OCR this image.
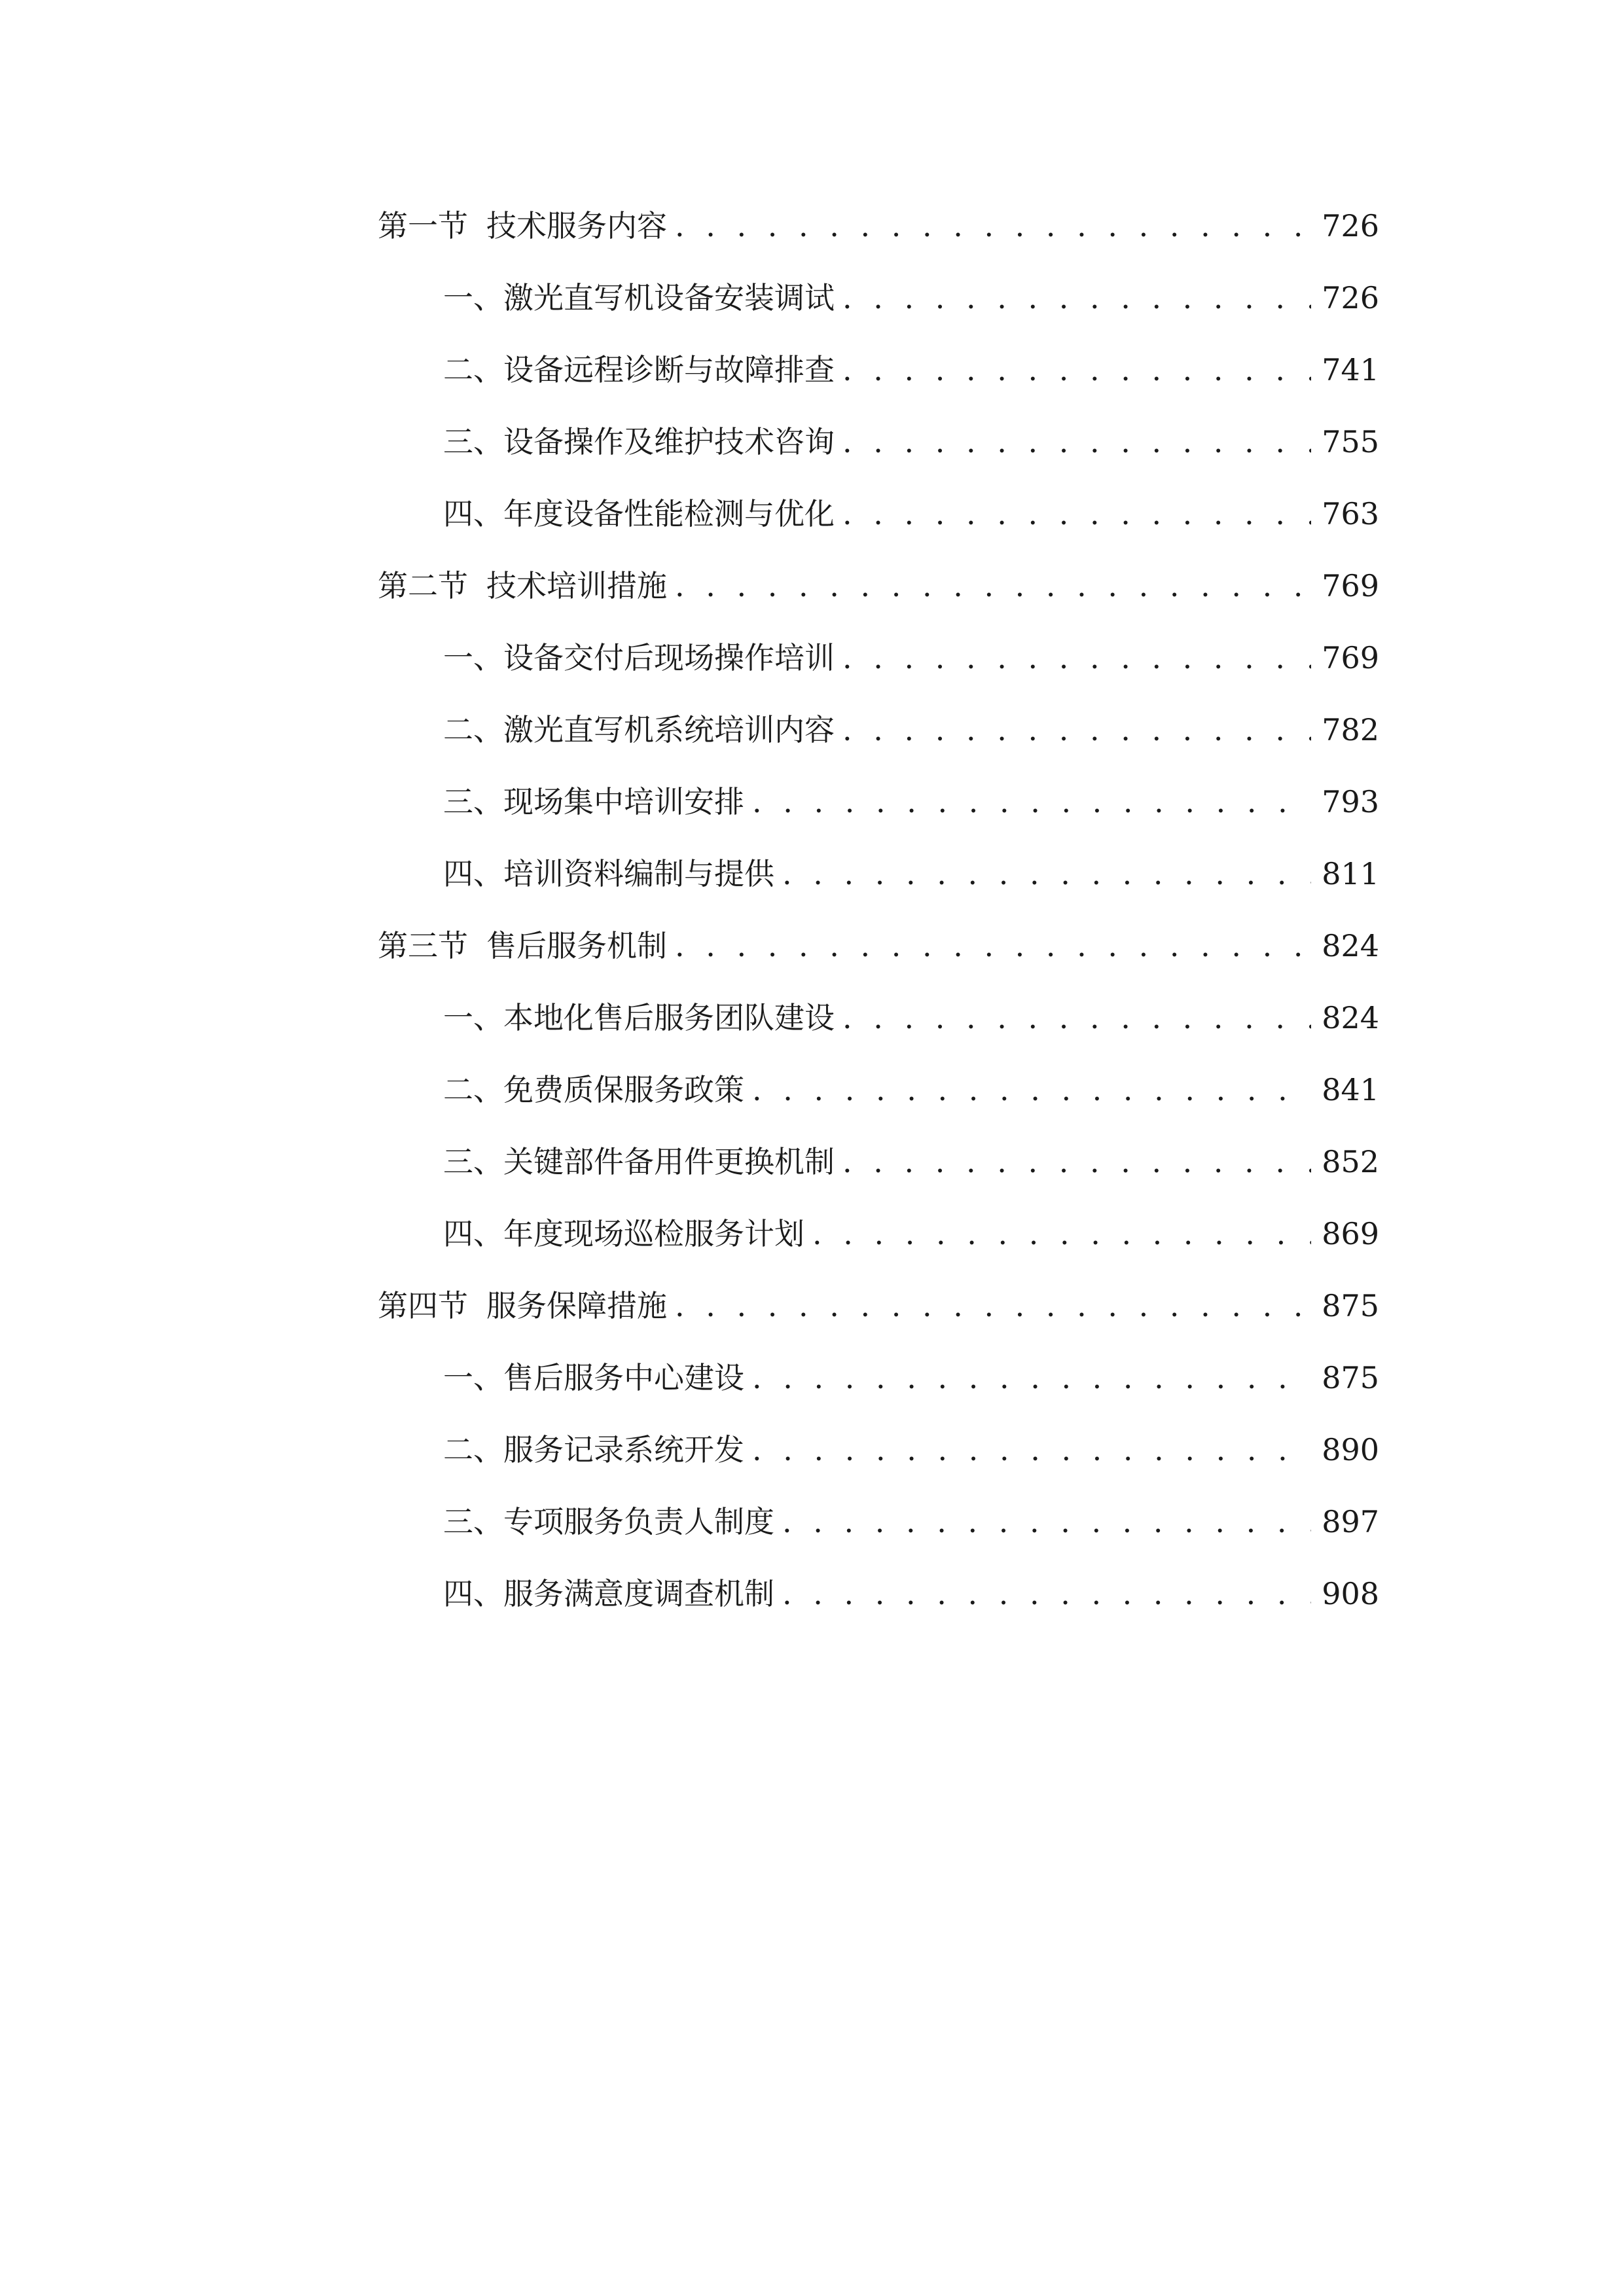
第一节 技术服务内容 . . .	726
一、 激光直写机设备安装调试 . . .	726
二、 设备远程诊断与故障排查 . . .	741
三、 设备操作及维护技术咨询 . . .	755
四、 年度设备性能检测与优化 . . .	763
第二节 技术培训措施 . . .	769
一、 设备交付后现场操作培训 . . .	769
二、 激光直写机系统培训内容 . . .	782
三、 现场集中培训安排 . . .	793
四、 培训资料编制与提供 . . .	811
第三节 售后服务机制 . . .	824
一、 本地化售后服务团队建设 . . .	824
二、 免费质保服务政策 . . .	841
三、 关键部件备用件更换机制 . . .	852
四、 年度现场巡检服务计划 . . .	869
第四节 服务保障措施 . . .	875
一、 售后服务中心建设 . . .	875
二、 服务记录系统开发 . . .	890
三、 专项服务负责人制度 . . .	897
四、 服务满意度调查机制 . . .	908
